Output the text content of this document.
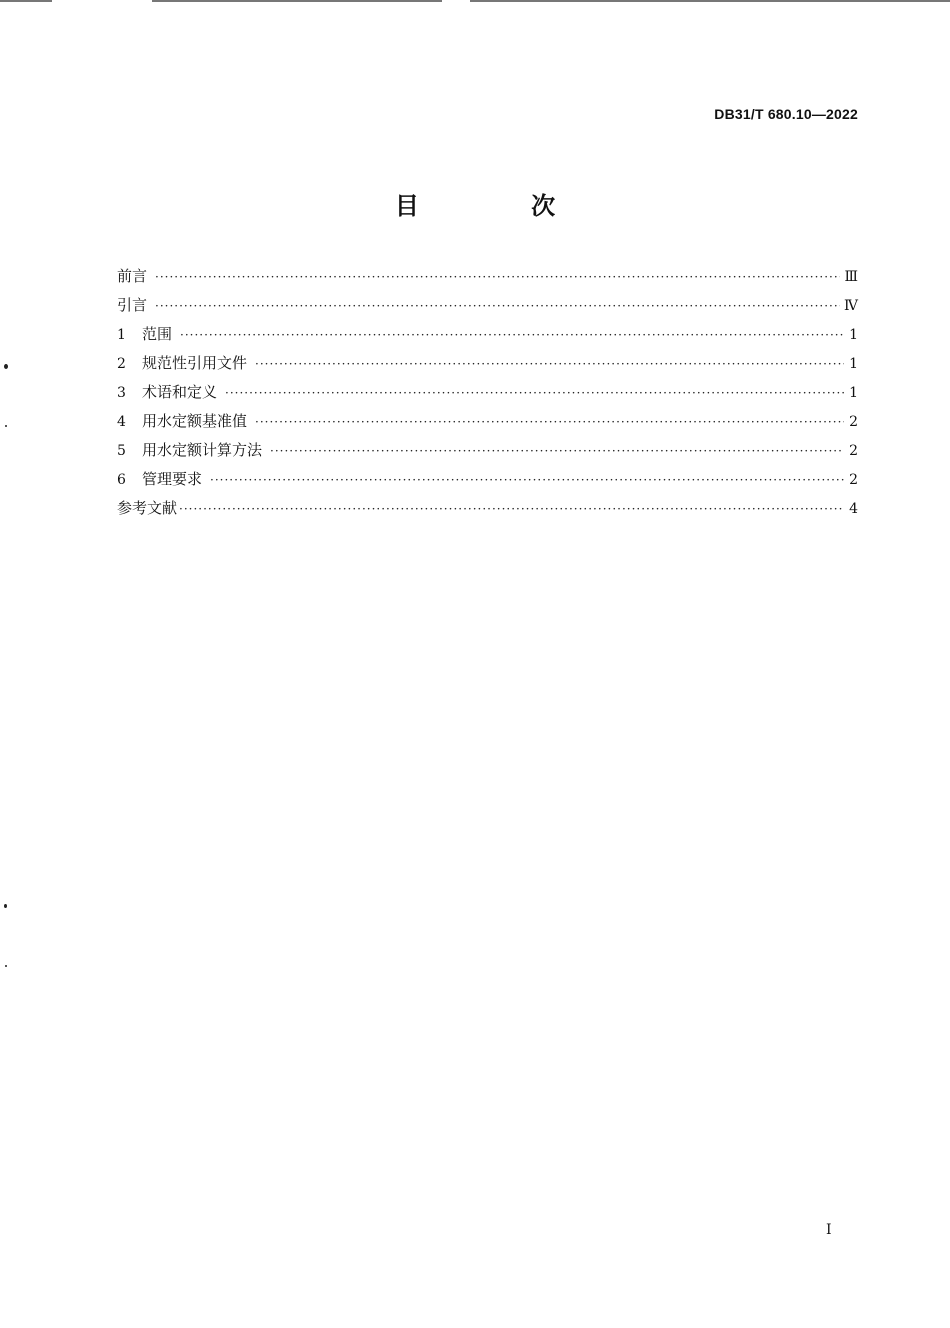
DB31/T 680.10—2022
目 次
前言 ·····	Ⅲ
引言 ·····	Ⅳ
1	范围 ·····	1
2	规范性引用文件 ·····	1
3	术语和定义 ·····	1
4	用水定额基准值 ·····	2
5	用水定额计算方法 ·····	2
6	管理要求 ·····	2
参考文献 ·····	4
I
